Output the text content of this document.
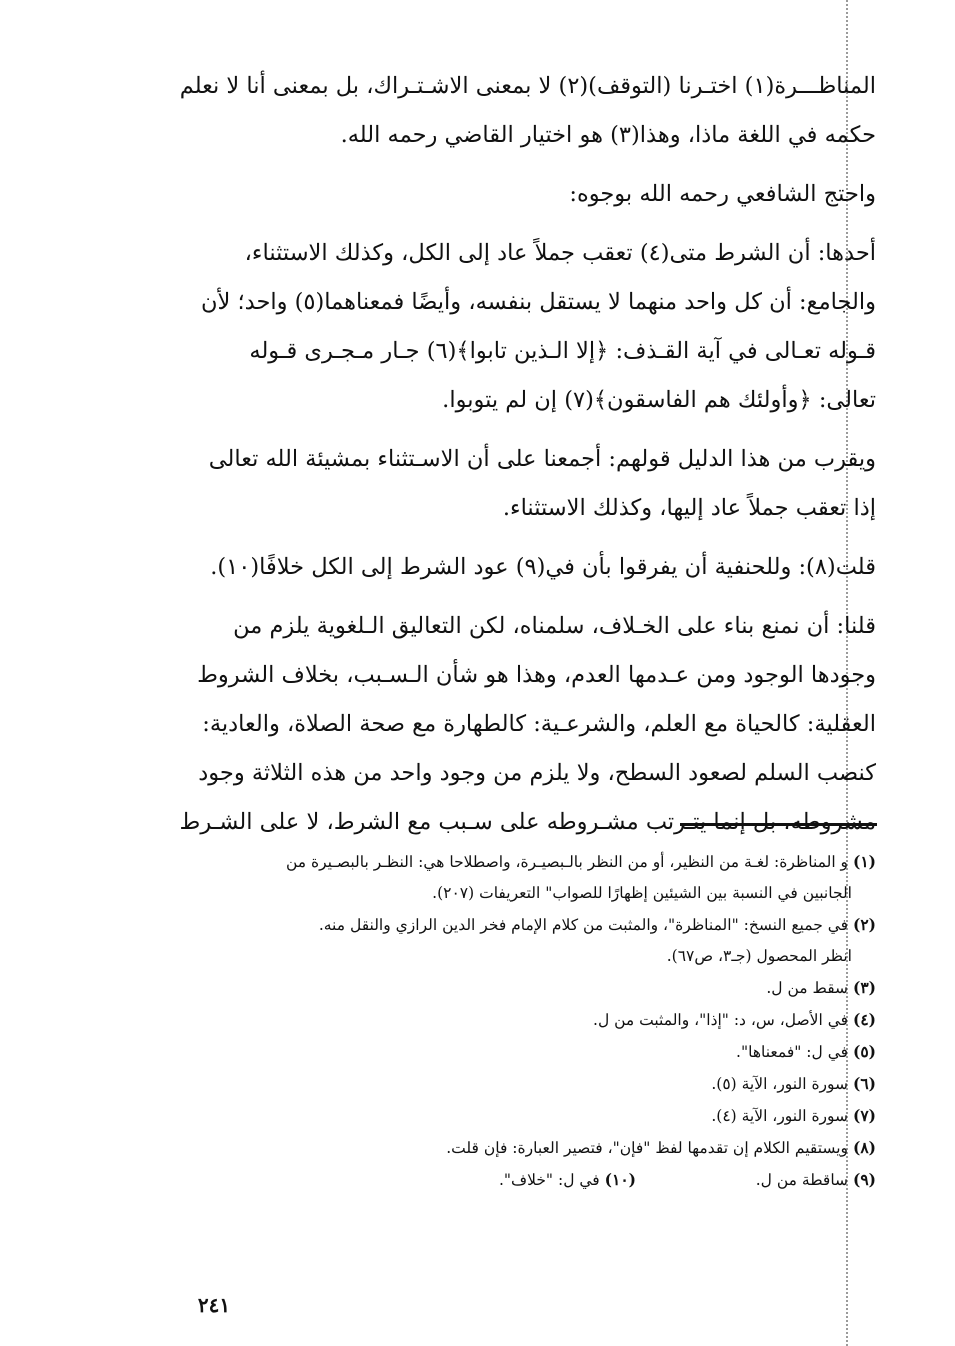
المناظـــرة(١) اختـرنا (التوقف)(٢) لا بمعنى الاشـتـراك، بل بمعنى أنا لا نعلم
حكمه في اللغة ماذا، وهذا(٣) هو اختيار القاضي رحمه الله.

واحتج الشافعي رحمه الله بوجوه:

أحدها: أن الشرط متى(٤) تعقب جملاً عاد إلى الكل، وكذلك الاستثناء،
والجامع: أن كل واحد منهما لا يستقل بنفسه، وأيضًا فمعناهما(٥) واحد؛ لأن
قـوله تعـالى في آية القـذف: ﴿إلا الـذين تابوا﴾(٦) جـار مـجـرى قـوله
تعالى: ﴿وأولئك هم الفاسقون﴾(٧) إن لم يتوبوا.

ويقرب من هذا الدليل قولهم: أجمعنا على أن الاسـتثناء بمشيئة الله تعالى
إذا تعقب جملاً عاد إليها، وكذلك الاستثناء.

قلت(٨): وللحنفية أن يفرقوا بأن في(٩) عود الشرط إلى الكل خلافًا(١٠).

قلنا: أن نمنع بناء على الخـلاف، سلمناه، لكن التعاليق الـلغوية يلزم من
وجودها الوجود ومن عـدمها العدم، وهذا هو شأن الـسـبب، بخلاف الشروط
العقلية: كالحياة مع العلم، والشرعـية: كالطهارة مع صحة الصلاة، والعادية:
كنصب السلم لصعود السطح، ولا يلزم من وجود واحد من هذه الثلاثة وجود
مشروطه، بل إنما يتـرتب مشـروطه على سـبب مع الشرط، لا على الشـرط

(١) و المناظرة: لغـة من النظير، أو من النظر بالـبصيـرة، واصطلاحا هي: النظـر بالبصـيرة من
الجانبين في النسبة بين الشيئين إظهارًا للصواب" التعريفات (٢٠٧).
(٢) في جميع النسخ: "المناظرة"، والمثبت من كلام الإمام فخر الدين الرازي والنقل منه.
انظر المحصول (جـ٣، ص٦٧).
(٣) سقط من ل.
(٤) في الأصل، س، د: "إذا"، والمثبت من ل.
(٥) في ل: "فمعناها".
(٦) سورة النور، الآية (٥).
(٧) سورة النور، الآية (٤).
(٨) ويستقيم الكلام إن تقدمها لفظ "فإن"، فتصير العبارة: فإن قلت.
(٩) ساقطة من ل.
(١٠) في ل: "خلاف".
٢٤١
